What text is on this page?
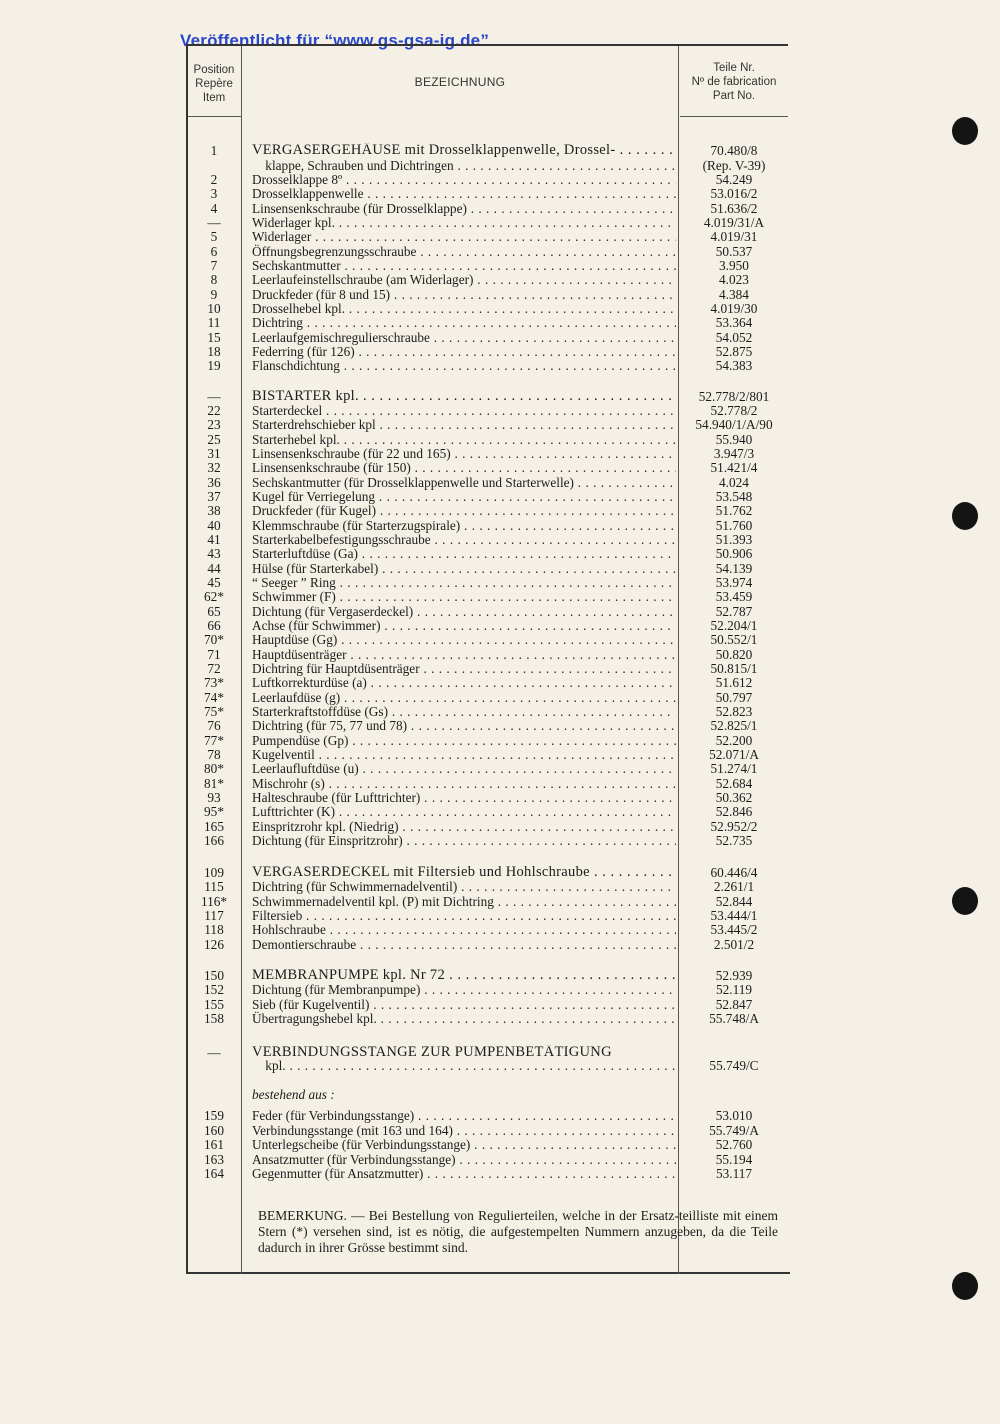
Veröffentlicht für “www.gs-gsa-ig.de”
Position
Repère
Item
BEZEICHNUNG
Teile Nr.
Nº de fabrication
Part No.
1	VERGASERGEHÄUSE mit Drosselklappenwelle, Drossel- . . .	70.480/8
klappe, Schrauben und Dichtringen . . .	(Rep. V-39)
2	Drosselklappe 8º . . .	54.249
3	Drosselklappenwelle . . .	53.016/2
4	Linsensenkschraube (für Drosselklappe) . . .	51.636/2
—	Widerlager kpl. . . .	4.019/31/A
5	Widerlager . . .	4.019/31
6	Öffnungsbegrenzungsschraube . . .	50.537
7	Sechskantmutter . . .	3.950
8	Leerlaufeinstellschraube (am Widerlager) . . .	4.023
9	Druckfeder (für 8 und 15) . . .	4.384
10	Drosselhebel kpl. . . .	4.019/30
11	Dichtring . . .	53.364
15	Leerlaufgemischregulierschraube . . .	54.052
18	Federring (für 126) . . .	52.875
19	Flanschdichtung . . .	54.383
—	BISTARTER kpl. . . .	52.778/2/801
22	Starterdeckel . . .	52.778/2
23	Starterdrehschieber kpl . . .	54.940/1/A/90
25	Starterhebel kpl. . . .	55.940
31	Linsensenkschraube (für 22 und 165) . . .	3.947/3
32	Linsensenkschraube (für 150) . . .	51.421/4
36	Sechskantmutter (für Drosselklappenwelle und Starterwelle) . . .	4.024
37	Kugel für Verriegelung . . .	53.548
38	Druckfeder (für Kugel) . . .	51.762
40	Klemmschraube (für Starterzugspirale) . . .	51.760
41	Starterkabelbefestigungsschraube . . .	51.393
43	Starterluftdüse (Ga) . . .	50.906
44	Hülse (für Starterkabel) . . .	54.139
45	“ Seeger ” Ring . . .	53.974
62*	Schwimmer (F) . . .	53.459
65	Dichtung (für Vergaserdeckel) . . .	52.787
66	Achse (für Schwimmer) . . .	52.204/1
70*	Hauptdüse (Gg) . . .	50.552/1
71	Hauptdüsenträger . . .	50.820
72	Dichtring für Hauptdüsenträger . . .	50.815/1
73*	Luftkorrekturdüse (a) . . .	51.612
74*	Leerlaufdüse (g) . . .	50.797
75*	Starterkraftstoffdüse (Gs) . . .	52.823
76	Dichtring (für 75, 77 und 78) . . .	52.825/1
77*	Pumpendüse (Gp) . . .	52.200
78	Kugelventil . . .	52.071/A
80*	Leerlaufluftdüse (u) . . .	51.274/1
81*	Mischrohr (s) . . .	52.684
93	Halteschraube (für Lufttrichter) . . .	50.362
95*	Lufttrichter (K) . . .	52.846
165	Einspritzrohr kpl. (Niedrig) . . .	52.952/2
166	Dichtung (für Einspritzrohr) . . .	52.735
109	VERGASERDECKEL mit Filtersieb und Hohlschraube . . .	60.446/4
115	Dichtring (für Schwimmernadelventil) . . .	2.261/1
116*	Schwimmernadelventil kpl. (P) mit Dichtring . . .	52.844
117	Filtersieb . . .	53.444/1
118	Hohlschraube . . .	53.445/2
126	Demontierschraube . . .	2.501/2
150	MEMBRANPUMPE kpl. Nr 72 . . .	52.939
152	Dichtung (für Membranpumpe) . . .	52.119
155	Sieb (für Kugelventil) . . .	52.847
158	Übertragungshebel kpl. . . .	55.748/A
—	VERBINDUNGSSTANGE ZUR PUMPENBETÄTIGUNG
kpl. . . .	55.749/C
bestehend aus :
159	Feder (für Verbindungsstange) . . .	53.010
160	Verbindungsstange (mit 163 und 164) . . .	55.749/A
161	Unterlegscheibe (für Verbindungsstange) . . .	52.760
163	Ansatzmutter (für Verbindungsstange) . . .	55.194
164	Gegenmutter (für Ansatzmutter) . . .	53.117
BEMERKUNG. — Bei Bestellung von Regulierteilen, welche in der Ersatz-teilliste mit einem Stern (*) versehen sind, ist es nötig, die aufgestempelten Nummern anzugeben, da die Teile dadurch in ihrer Grösse bestimmt sind.
